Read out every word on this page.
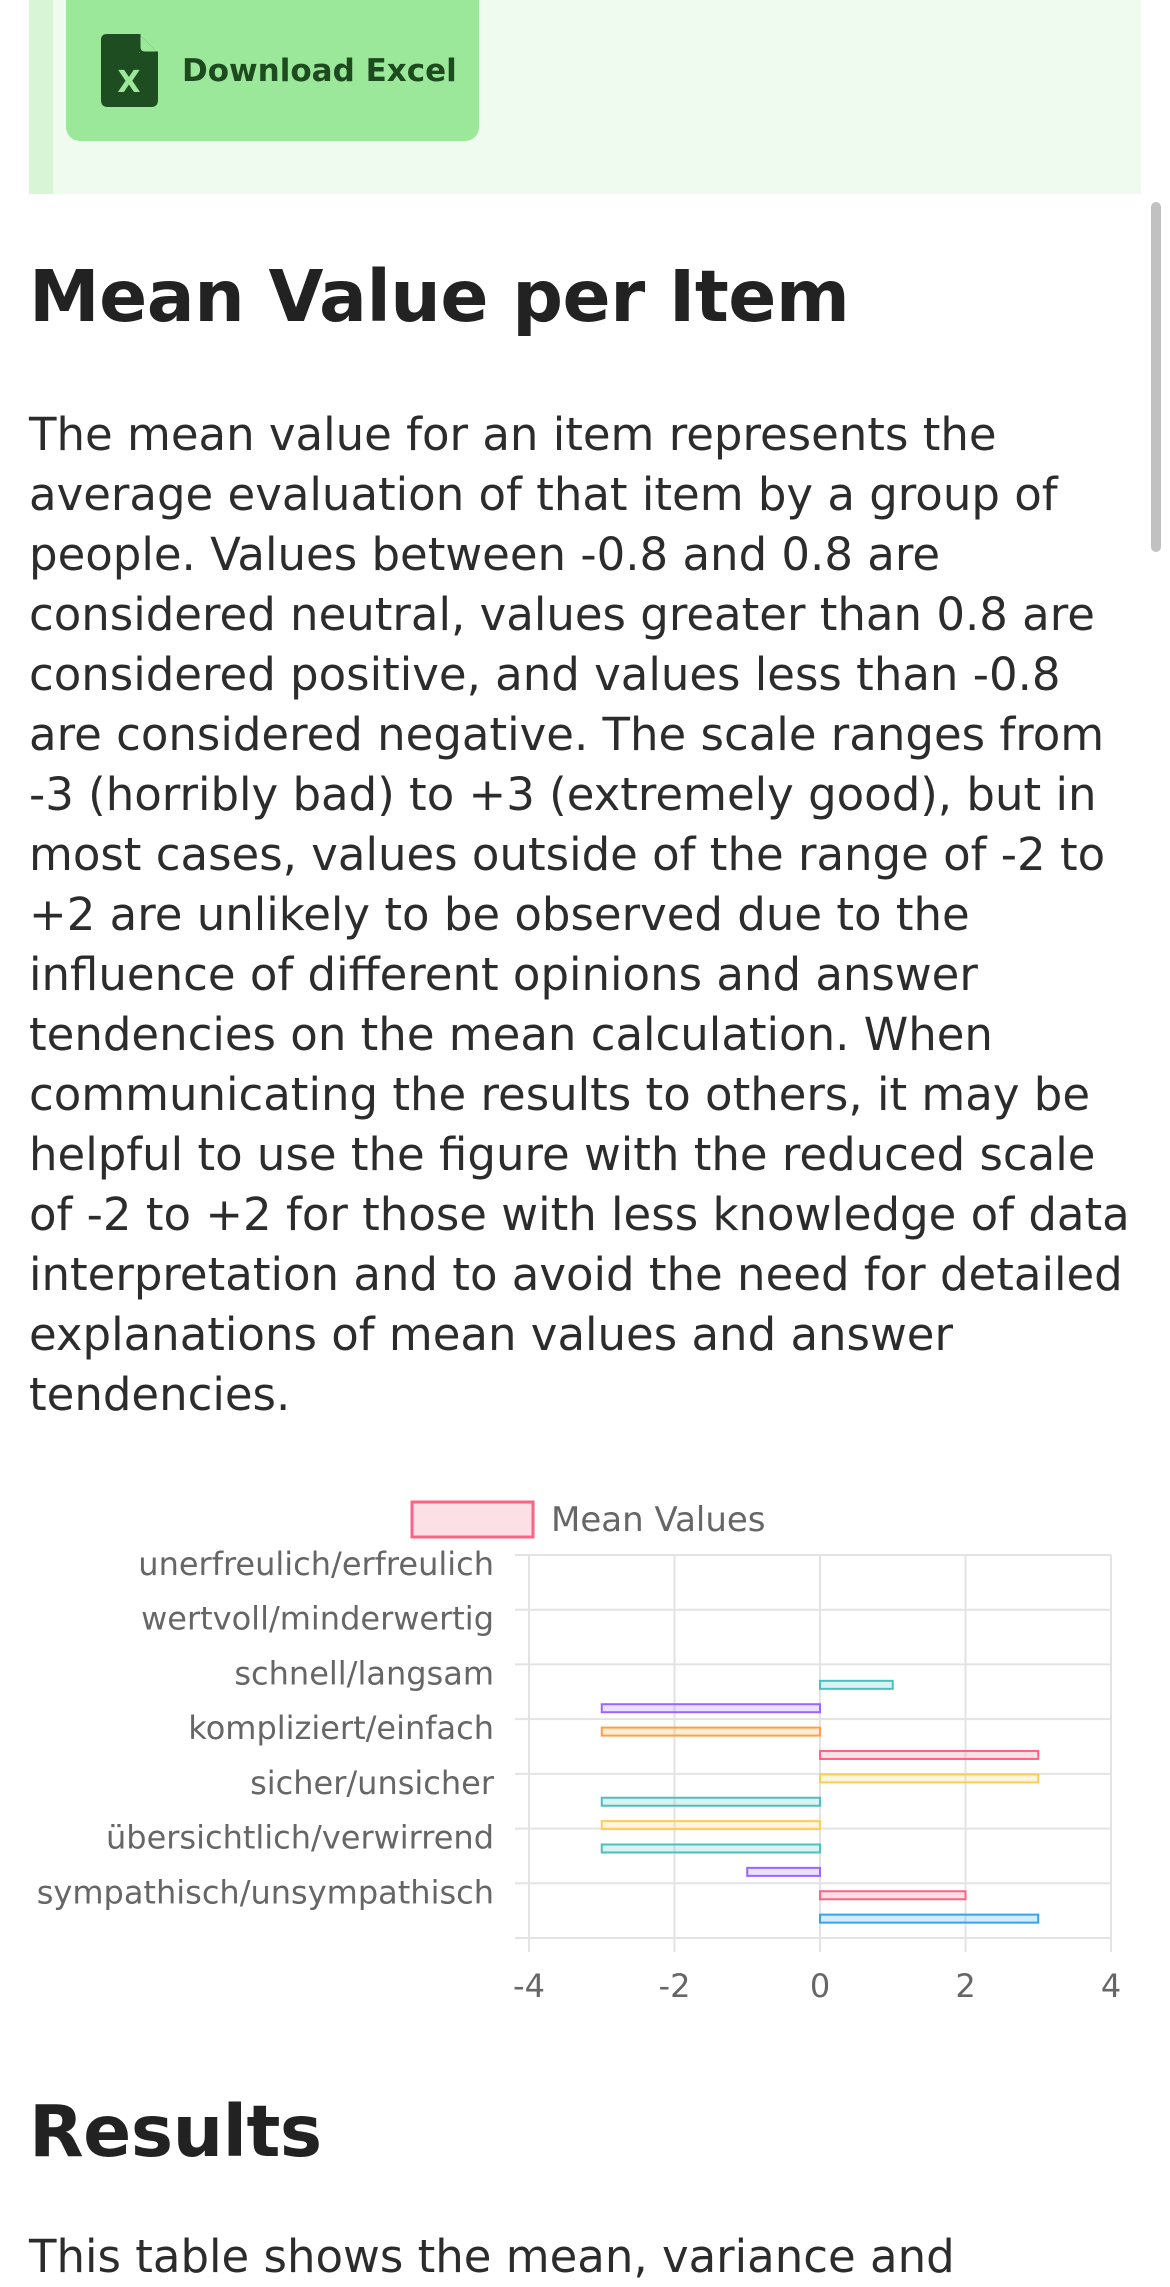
X Download Excel
Mean Value per Item

The mean value for an item represents the average evaluation of that item by a group of people. Values between -0.8 and 0.8 are considered neutral, values greater than 0.8 are considered positive, and values less than -0.8 are considered negative. The scale ranges from -3 (horribly bad) to +3 (extremely good), but in most cases, values outside of the range of -2 to +2 are unlikely to be observed due to the influence of different opinions and answer tendencies on the mean calculation. When communicating the results to others, it may be helpful to use the figure with the reduced scale of -2 to +2 for those with less knowledge of data interpretation and to avoid the need for detailed explanations of mean values and answer tendencies.

Mean Values
unerfreulich/erfreulich
wertvoll/minderwertig
schnell/langsam
kompliziert/einfach
sicher/unsicher
übersichtlich/verwirrend
sympathisch/unsympathisch
-4	-2	0	2	4
Results

This table shows the mean, variance and
